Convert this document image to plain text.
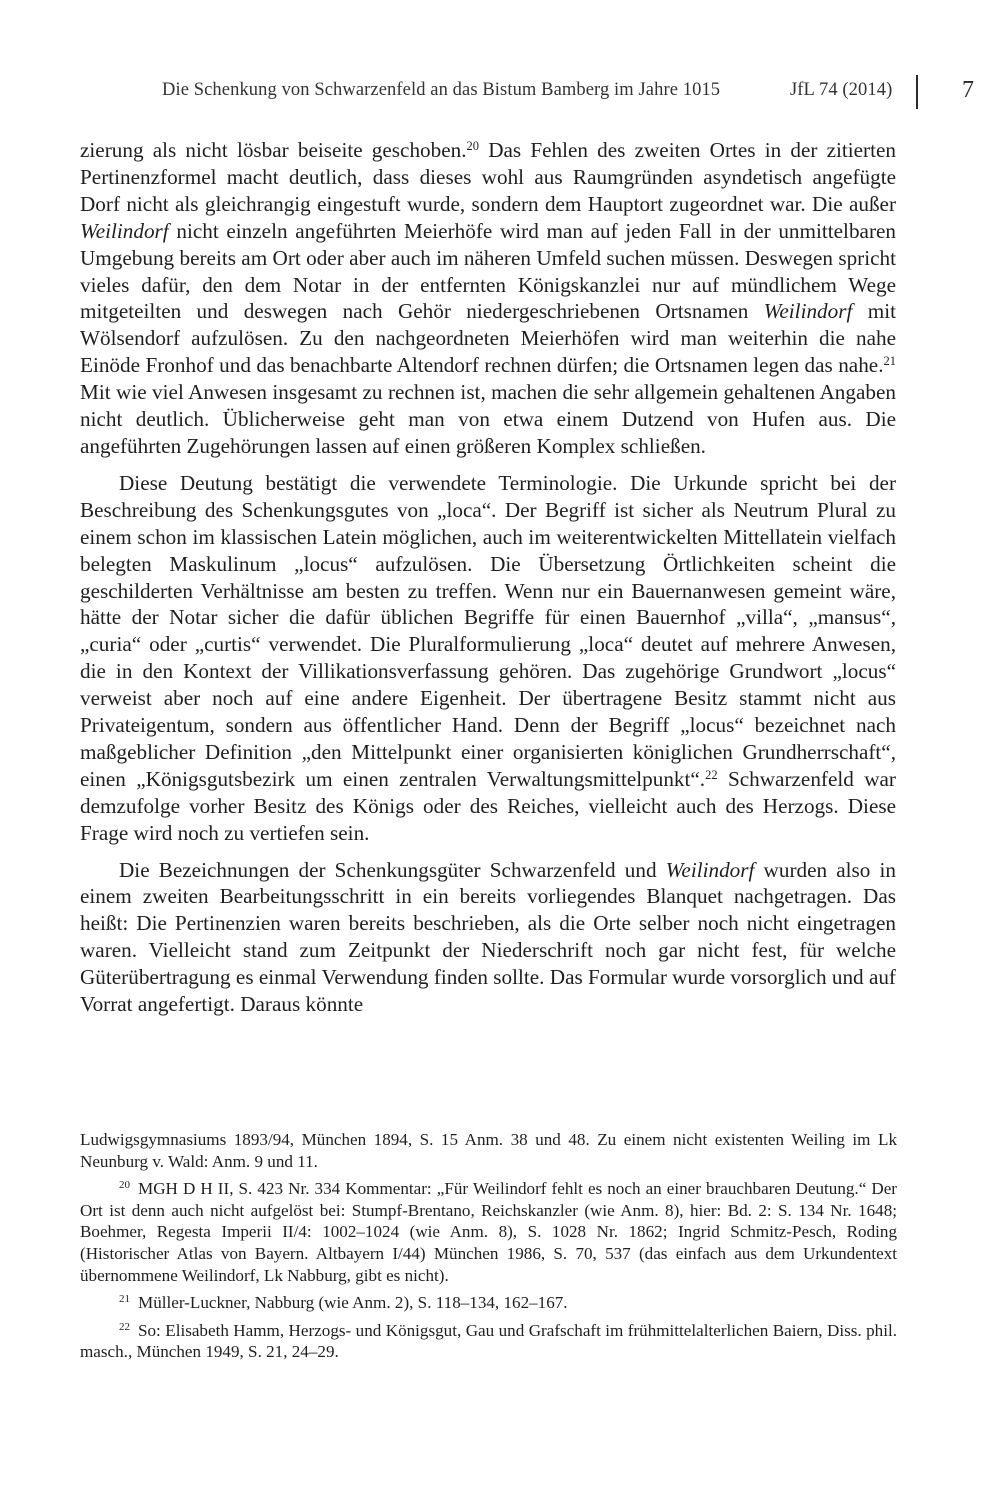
Die Schenkung von Schwarzenfeld an das Bistum Bamberg im Jahre 1015	JfL 74 (2014)	7

zierung als nicht lösbar beiseite geschoben.$^{20}$ Das Fehlen des zweiten Ortes in der zitierten Pertinenzformel macht deutlich, dass dieses wohl aus Raumgründen asyndetisch angefügte Dorf nicht als gleichrangig eingestuft wurde, sondern dem Hauptort zugeordnet war. Die außer Weilindorf nicht einzeln angeführten Meierhöfe wird man auf jeden Fall in der unmittelbaren Umgebung bereits am Ort oder aber auch im näheren Umfeld suchen müssen. Deswegen spricht vieles dafür, den dem Notar in der entfernten Königskanzlei nur auf mündlichem Wege mitgeteilten und deswegen nach Gehör niedergeschriebenen Ortsnamen Weilindorf mit Wölsendorf aufzulösen. Zu den nachgeordneten Meierhöfen wird man weiterhin die nahe Einöde Fronhof und das benachbarte Altendorf rechnen dürfen; die Ortsnamen legen das nahe.$^{21}$ Mit wie viel Anwesen insgesamt zu rechnen ist, machen die sehr allgemein gehaltenen Angaben nicht deutlich. Üblicherweise geht man von etwa einem Dutzend von Hufen aus. Die angeführten Zugehörungen lassen auf einen größeren Komplex schließen.

Diese Deutung bestätigt die verwendete Terminologie. Die Urkunde spricht bei der Beschreibung des Schenkungsgutes von „loca“. Der Begriff ist sicher als Neutrum Plural zu einem schon im klassischen Latein möglichen, auch im weiterentwickelten Mittellatein vielfach belegten Maskulinum „locus“ aufzulösen. Die Übersetzung Örtlichkeiten scheint die geschilderten Verhältnisse am besten zu treffen. Wenn nur ein Bauernanwesen gemeint wäre, hätte der Notar sicher die dafür üblichen Begriffe für einen Bauernhof „villa“, „mansus“, „curia“ oder „curtis“ verwendet. Die Pluralformulierung „loca“ deutet auf mehrere Anwesen, die in den Kontext der Villikationsverfassung gehören. Das zugehörige Grundwort „locus“ verweist aber noch auf eine andere Eigenheit. Der übertragene Besitz stammt nicht aus Privateigentum, sondern aus öffentlicher Hand. Denn der Begriff „locus“ bezeichnet nach maßgeblicher Definition „den Mittelpunkt einer organisierten königlichen Grundherrschaft“, einen „Königsgutsbezirk um einen zentralen Verwaltungsmittelpunkt“.$^{22}$ Schwarzenfeld war demzufolge vorher Besitz des Königs oder des Reiches, vielleicht auch des Herzogs. Diese Frage wird noch zu vertiefen sein.

Die Bezeichnungen der Schenkungsgüter Schwarzenfeld und Weilindorf wurden also in einem zweiten Bearbeitungsschritt in ein bereits vorliegendes Blanquet nachgetragen. Das heißt: Die Pertinenzien waren bereits beschrieben, als die Orte selber noch nicht eingetragen waren. Vielleicht stand zum Zeitpunkt der Niederschrift noch gar nicht fest, für welche Güterübertragung es einmal Verwendung finden sollte. Das Formular wurde vorsorglich und auf Vorrat angefertigt. Daraus könnte

Ludwigsgymnasiums 1893/94, München 1894, S. 15 Anm. 38 und 48. Zu einem nicht existenten Weiling im Lk Neunburg v. Wald: Anm. 9 und 11.

$^{20}$ MGH D H II, S. 423 Nr. 334 Kommentar: „Für Weilindorf fehlt es noch an einer brauchbaren Deutung.“ Der Ort ist denn auch nicht aufgelöst bei: Stumpf-Brentano, Reichskanzler (wie Anm. 8), hier: Bd. 2: S. 134 Nr. 1648; Boehmer, Regesta Imperii II/4: 1002–1024 (wie Anm. 8), S. 1028 Nr. 1862; Ingrid Schmitz-Pesch, Roding (Historischer Atlas von Bayern. Altbayern I/44) München 1986, S. 70, 537 (das einfach aus dem Urkundentext übernommene Weilindorf, Lk Nabburg, gibt es nicht).

$^{21}$ Müller-Luckner, Nabburg (wie Anm. 2), S. 118–134, 162–167.

$^{22}$ So: Elisabeth Hamm, Herzogs- und Königsgut, Gau und Grafschaft im frühmittelalterlichen Baiern, Diss. phil. masch., München 1949, S. 21, 24–29.
